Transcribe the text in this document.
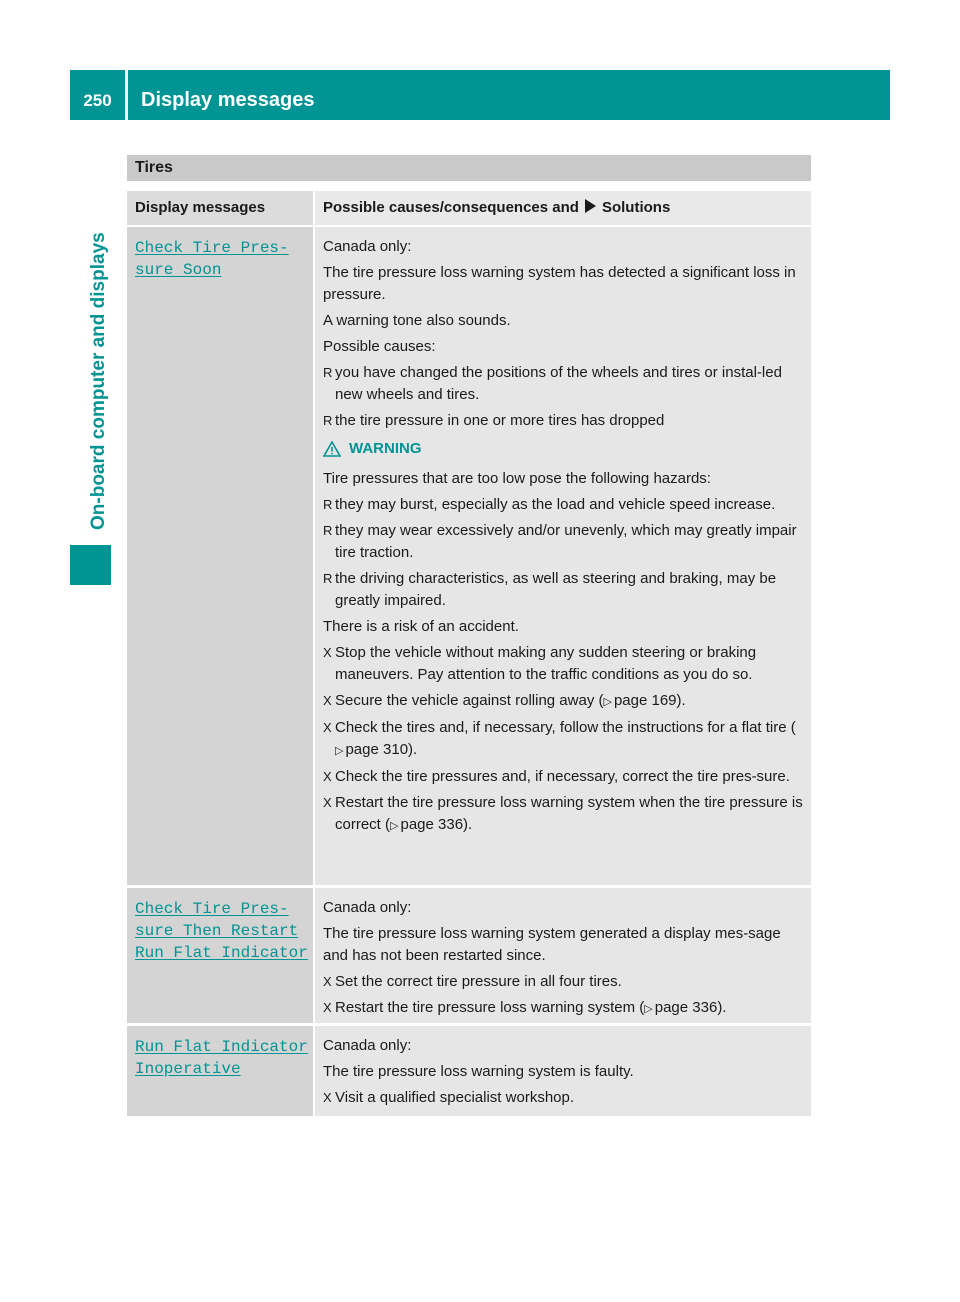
250	Display messages
On-board computer and displays
Tires
Display messages	Possible causes/consequences and Solutions
Check Tire Pres‑
sure Soon
Canada only:
The tire pressure loss warning system has detected a significant loss in pressure.
A warning tone also sounds.
Possible causes:
R you have changed the positions of the wheels and tires or instal-led new wheels and tires.
R the tire pressure in one or more tires has dropped
WARNING
Tire pressures that are too low pose the following hazards:
R they may burst, especially as the load and vehicle speed increase.
R they may wear excessively and/or unevenly, which may greatly impair tire traction.
R the driving characteristics, as well as steering and braking, may be greatly impaired.
There is a risk of an accident.
X Stop the vehicle without making any sudden steering or braking maneuvers. Pay attention to the traffic conditions as you do so.
X Secure the vehicle against rolling away (▷ page 169).
X Check the tires and, if necessary, follow the instructions for a flat tire (▷ page 310).
X Check the tire pressures and, if necessary, correct the tire pres-sure.
X Restart the tire pressure loss warning system when the tire pressure is correct (▷ page 336).
Check Tire Pres‑
sure Then Restart
Run Flat Indicator
Canada only:
The tire pressure loss warning system generated a display mes-sage and has not been restarted since.
X Set the correct tire pressure in all four tires.
X Restart the tire pressure loss warning system (▷ page 336).
Run Flat Indicator
Inoperative
Canada only:
The tire pressure loss warning system is faulty.
X Visit a qualified specialist workshop.
